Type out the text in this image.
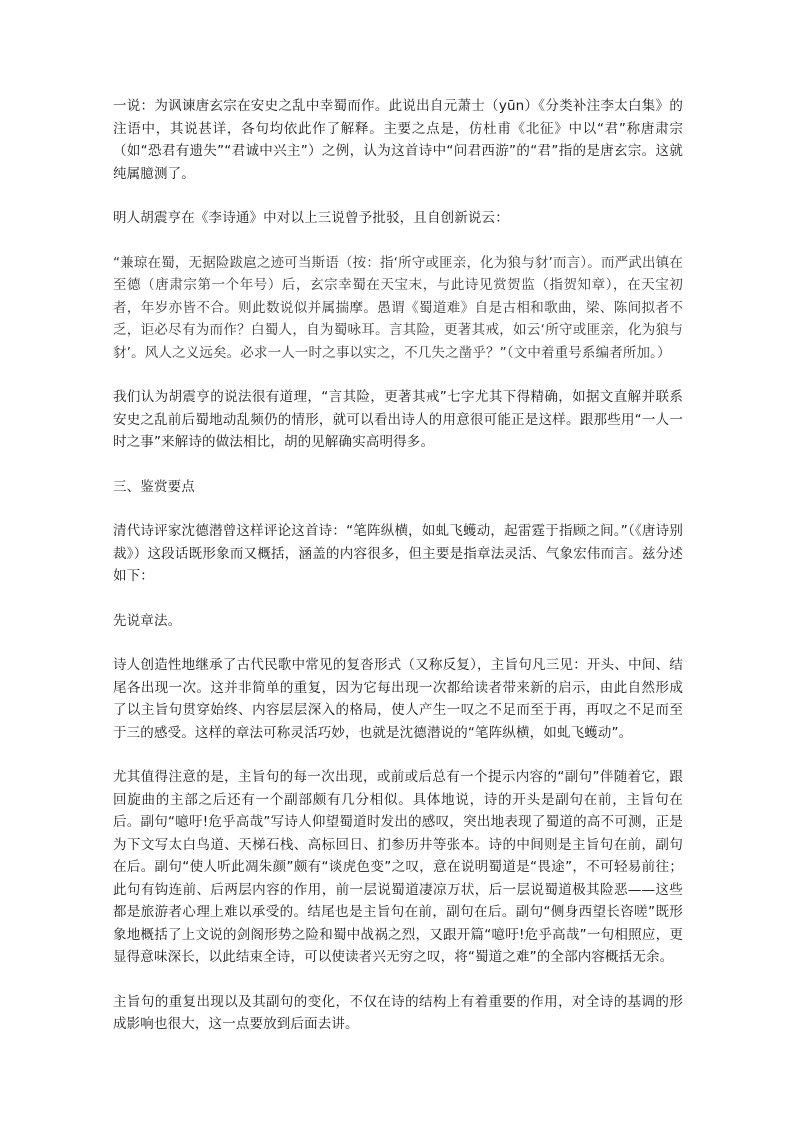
一说：为讽谏唐玄宗在安史之乱中幸蜀而作。此说出自元萧士（yūn）《分类补注李太白集》的注语中，其说甚详，各句均依此作了解释。主要之点是，仿杜甫《北征》中以“君”称唐肃宗（如“恐君有遗失”“君诚中兴主”）之例，认为这首诗中“问君西游”的“君”指的是唐玄宗。这就纯属臆测了。

明人胡震亨在《李诗通》中对以上三说曾予批驳，且自创新说云：

“兼琼在蜀，无据险跋扈之迹可当斯语（按：指‘所守或匪亲，化为狼与豺’而言）。而严武出镇在至德（唐肃宗第一个年号）后，玄宗幸蜀在天宝末，与此诗见赏贺监（指贺知章），在天宝初者，年岁亦皆不合。则此数说似并属揣摩。愚谓《蜀道难》自是古相和歌曲，梁、陈间拟者不乏，讵必尽有为而作？白蜀人，自为蜀咏耳。言其险，更著其戒，如云‘所守或匪亲，化为狼与豺’。风人之义远矣。必求一人一时之事以实之，不几失之凿乎？”（文中着重号系编者所加。）

我们认为胡震亨的说法很有道理，“言其险，更著其戒”七字尤其下得精确，如据文直解并联系安史之乱前后蜀地动乱频仍的情形，就可以看出诗人的用意很可能正是这样。跟那些用“一人一时之事”来解诗的做法相比，胡的见解确实高明得多。

三、鉴赏要点

清代诗评家沈德潜曾这样评论这首诗：“笔阵纵横，如虬飞蠖动，起雷霆于指顾之间。”（《唐诗别裁》）这段话既形象而又概括，涵盖的内容很多，但主要是指章法灵活、气象宏伟而言。兹分述如下：

先说章法。

诗人创造性地继承了古代民歌中常见的复沓形式（又称反复），主旨句凡三见：开头、中间、结尾各出现一次。这并非简单的重复，因为它每出现一次都给读者带来新的启示，由此自然形成了以主旨句贯穿始终、内容层层深入的格局，使人产生一叹之不足而至于再，再叹之不足而至于三的感受。这样的章法可称灵活巧妙，也就是沈德潜说的“笔阵纵横，如虬飞蠖动”。

尤其值得注意的是，主旨句的每一次出现，或前或后总有一个提示内容的“副句”伴随着它，跟回旋曲的主部之后还有一个副部颇有几分相似。具体地说，诗的开头是副句在前，主旨句在后。副句“噫吁!危乎高哉”写诗人仰望蜀道时发出的感叹，突出地表现了蜀道的高不可测，正是为下文写太白鸟道、天梯石栈、高标回日、扪参历井等张本。诗的中间则是主旨句在前，副句在后。副句“使人听此凋朱颜”颇有“谈虎色变”之叹，意在说明蜀道是“畏途”，不可轻易前往；此句有钩连前、后两层内容的作用，前一层说蜀道凄凉万状，后一层说蜀道极其险恶——这些都是旅游者心理上难以承受的。结尾也是主旨句在前，副句在后。副句“侧身西望长咨嗟”既形象地概括了上文说的剑阁形势之险和蜀中战祸之烈，又跟开篇“噫吁!危乎高哉”一句相照应，更显得意味深长，以此结束全诗，可以使读者兴无穷之叹，将“蜀道之难”的全部内容概括无余。

主旨句的重复出现以及其副句的变化，不仅在诗的结构上有着重要的作用，对全诗的基调的形成影响也很大，这一点要放到后面去讲。
